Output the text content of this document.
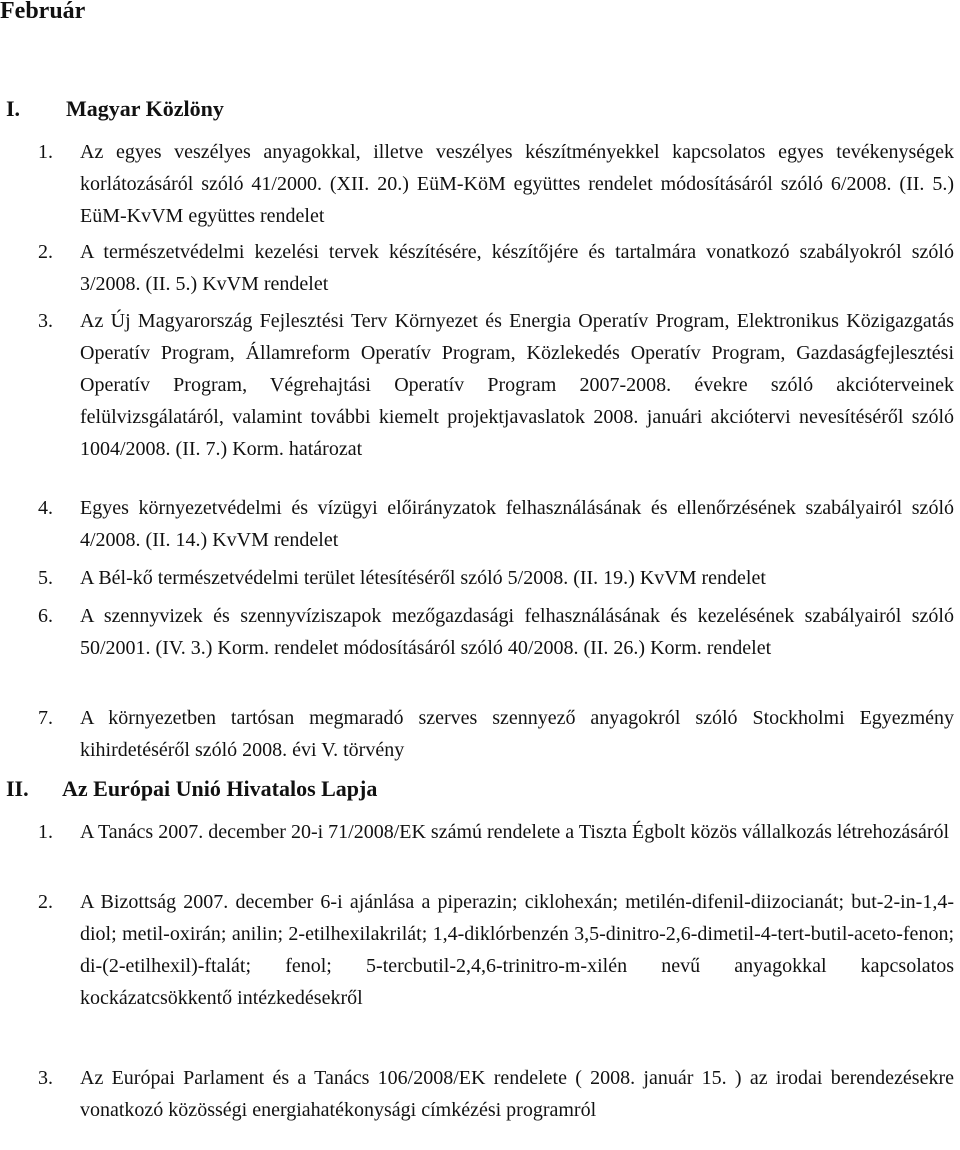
Február
I. Magyar Közlöny
1. Az egyes veszélyes anyagokkal, illetve veszélyes készítményekkel kapcsolatos egyes tevékenységek korlátozásáról szóló 41/2000. (XII. 20.) EüM-KöM együttes rendelet módosításáról szóló 6/2008. (II. 5.) EüM-KvVM együttes rendelet
2. A természetvédelmi kezelési tervek készítésére, készítőjére és tartalmára vonatkozó szabályokról szóló 3/2008. (II. 5.) KvVM rendelet
3. Az Új Magyarország Fejlesztési Terv Környezet és Energia Operatív Program, Elektronikus Közigazgatás Operatív Program, Államreform Operatív Program, Közlekedés Operatív Program, Gazdaságfejlesztési Operatív Program, Végrehajtási Operatív Program 2007-2008. évekre szóló akcióterveinek felülvizsgálatáról, valamint további kiemelt projektjavaslatok 2008. januári akciótervi nevesítéséről szóló 1004/2008. (II. 7.) Korm. határozat
4. Egyes környezetvédelmi és vízügyi előirányzatok felhasználásának és ellenőrzésének szabályairól szóló 4/2008. (II. 14.) KvVM rendelet
5. A Bél-kő természetvédelmi terület létesítéséről szóló 5/2008. (II. 19.) KvVM rendelet
6. A szennyvizek és szennyvíziszapok mezőgazdasági felhasználásának és kezelésének szabályairól szóló 50/2001. (IV. 3.) Korm. rendelet módosításáról szóló 40/2008. (II. 26.) Korm. rendelet
7. A környezetben tartósan megmaradó szerves szennyező anyagokról szóló Stockholmi Egyezmény kihirdetéséről szóló 2008. évi V. törvény
II. Az Európai Unió Hivatalos Lapja
1. A Tanács 2007. december 20-i 71/2008/EK számú rendelete a Tiszta Égbolt közös vállalkozás létrehozásáról
2. A Bizottság 2007. december 6-i ajánlása a piperazin; ciklohexán; metilén-difenil-diizocianát; but-2-in-1,4-diol; metil-oxirán; anilin; 2-etilhexilakrilát; 1,4-diklórbenzén 3,5-dinitro-2,6-dimetil-4-tert-butil-aceto-fenon; di-(2-etilhexil)-ftalát; fenol; 5-tercbutil-2,4,6-trinitro-m-xilén nevű anyagokkal kapcsolatos kockázatcsökkentő intézkedésekről
3. Az Európai Parlament és a Tanács 106/2008/EK rendelete ( 2008. január 15. ) az irodai berendezésekre vonatkozó közösségi energiahatékonysági címkézési programról
